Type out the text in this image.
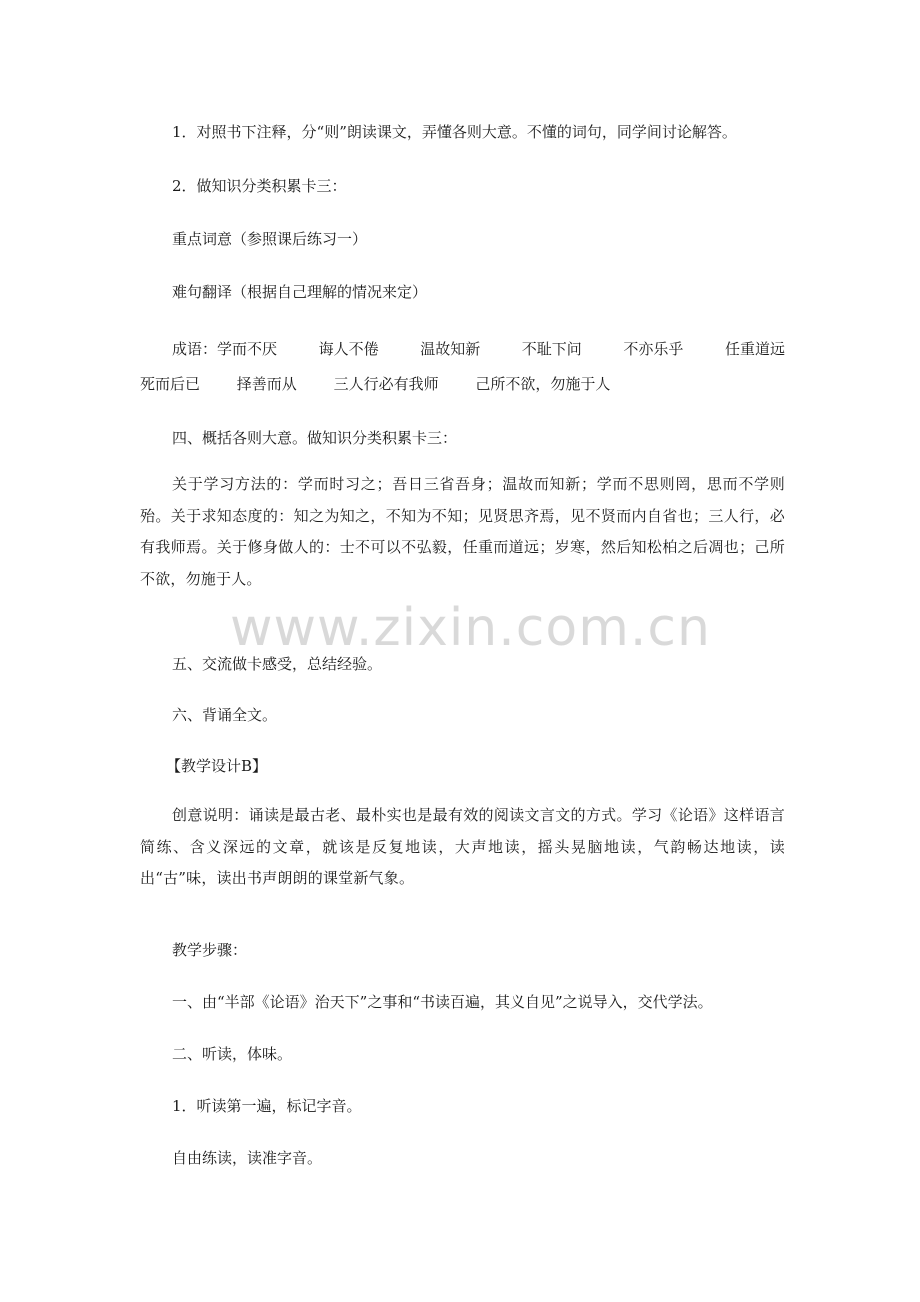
1．对照书下注释，分“则”朗读课文，弄懂各则大意。不懂的词句，同学间讨论解答。

2．做知识分类积累卡三：

重点词意（参照课后练习一）

难句翻译（根据自己理解的情况来定）

成语：学而不厌	诲人不倦	温故知新	不耻下问	不亦乐乎	任重道远
死而后已 择善而从 三人行必有我师 己所不欲，勿施于人

四、概括各则大意。做知识分类积累卡三：

关于学习方法的：学而时习之；吾日三省吾身；温故而知新；学而不思则罔，思而不学则殆。关于求知态度的：知之为知之，不知为不知；见贤思齐焉，见不贤而内自省也；三人行，必有我师焉。关于修身做人的：士不可以不弘毅，任重而道远；岁寒，然后知松柏之后凋也；己所不欲，勿施于人。

五、交流做卡感受，总结经验。

六、背诵全文。

【教学设计B】

创意说明：诵读是最古老、最朴实也是最有效的阅读文言文的方式。学习《论语》这样语言简练、含义深远的文章，就该是反复地读，大声地读，摇头晃脑地读，气韵畅达地读，读出“古”味，读出书声朗朗的课堂新气象。

教学步骤：

一、由“半部《论语》治天下”之事和“书读百遍，其义自见”之说导入，交代学法。

二、听读，体味。

1．听读第一遍，标记字音。

自由练读，读准字音。

www.zixin.com.cn
